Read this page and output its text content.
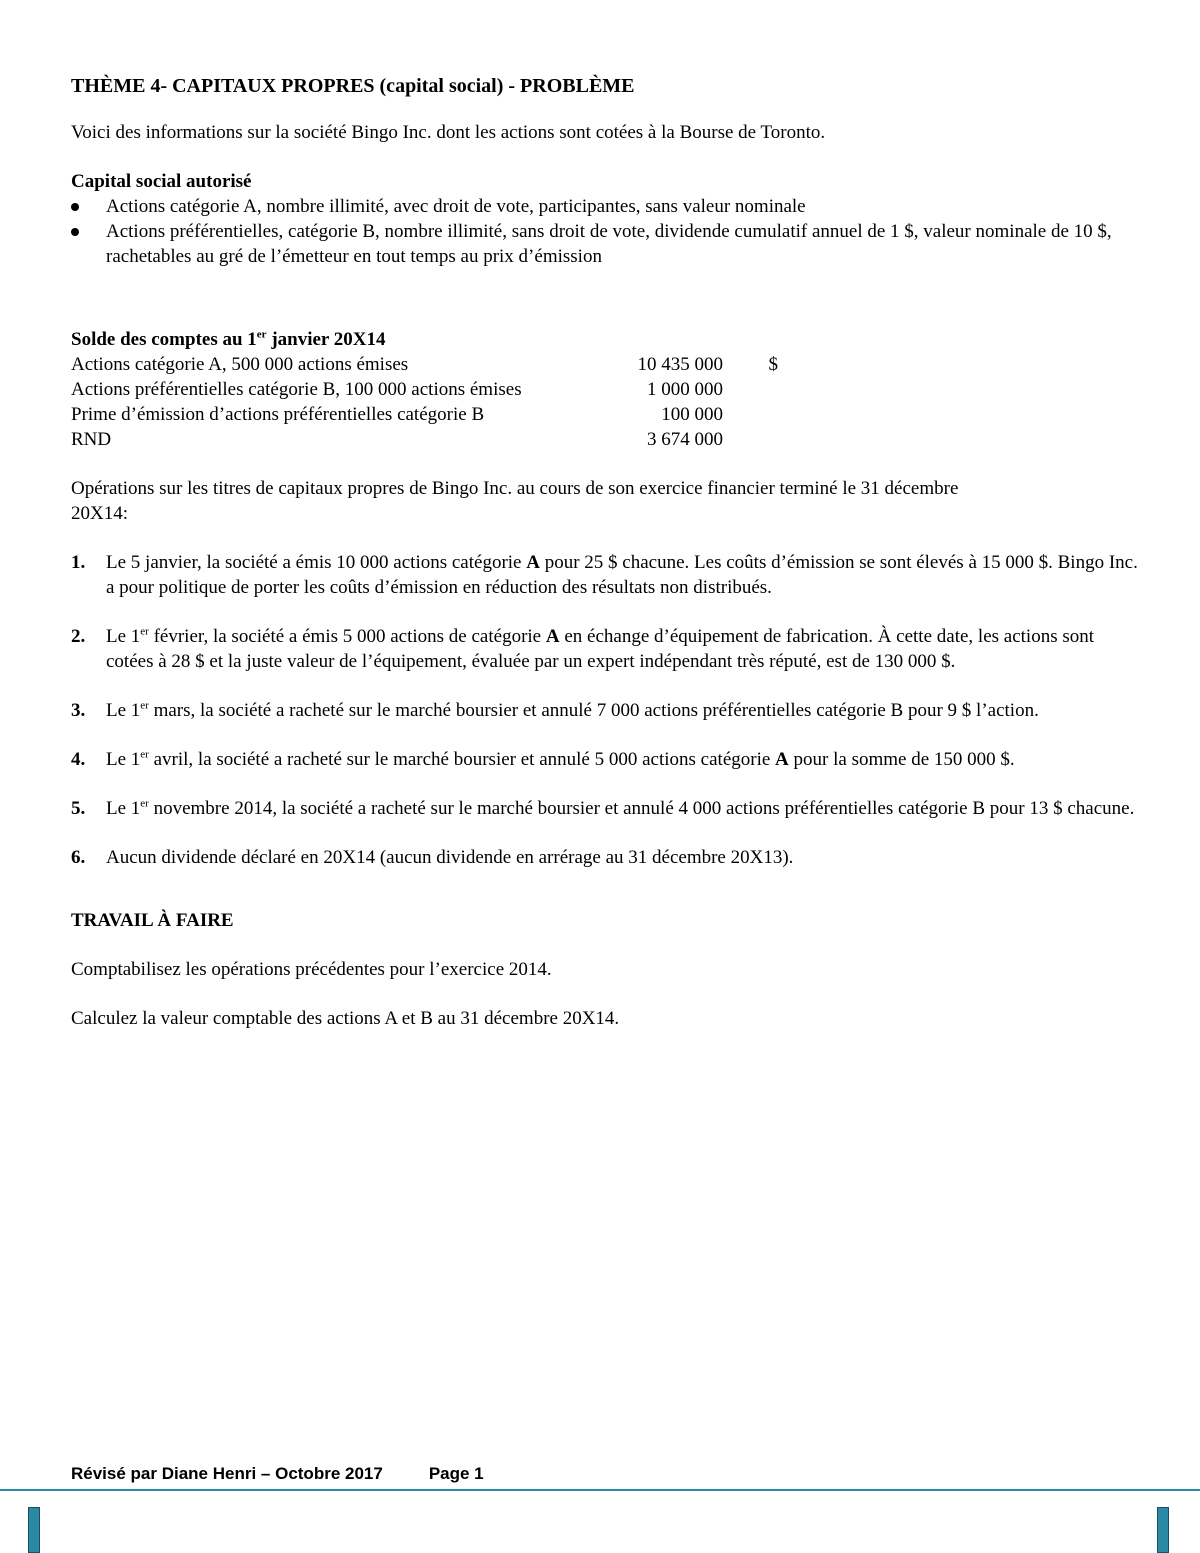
THÈME 4- CAPITAUX PROPRES (capital social) - PROBLÈME
Voici des informations sur la société Bingo Inc. dont les actions sont cotées à la Bourse de Toronto.
Capital social autorisé
Actions catégorie A, nombre illimité, avec droit de vote, participantes, sans valeur nominale
Actions préférentielles, catégorie B, nombre illimité, sans droit de vote, dividende cumulatif annuel de 1 $, valeur nominale de 10 $, rachetables au gré de l’émetteur en tout temps au prix d’émission
Solde des comptes au 1er janvier 20X14
Actions catégorie A, 500 000 actions émises	10 435 000	$
Actions préférentielles catégorie B, 100 000 actions émises	1 000 000	
Prime d’émission d’actions préférentielles catégorie B	100 000	
RND	3 674 000	
Opérations sur les titres de capitaux propres de Bingo Inc. au cours de son exercice financier terminé le 31 décembre 20X14:
1. Le 5 janvier, la société a émis 10 000 actions catégorie A pour 25 $ chacune. Les coûts d’émission se sont élevés à 15 000 $. Bingo Inc. a pour politique de porter les coûts d’émission en réduction des résultats non distribués.
2. Le 1er février, la société a émis 5 000 actions de catégorie A en échange d’équipement de fabrication. À cette date, les actions sont cotées à 28 $ et la juste valeur de l’équipement, évaluée par un expert indépendant très réputé, est de 130 000 $.
3. Le 1er mars, la société a racheté sur le marché boursier et annulé 7 000 actions préférentielles catégorie B pour 9 $ l’action.
4. Le 1er avril, la société a racheté sur le marché boursier et annulé 5 000 actions catégorie A pour la somme de 150 000 $.
5. Le 1er novembre 2014, la société a racheté sur le marché boursier et annulé 4 000 actions préférentielles catégorie B pour 13 $ chacune.
6. Aucun dividende déclaré en 20X14 (aucun dividende en arrérage au 31 décembre 20X13).
TRAVAIL À FAIRE
Comptabilisez les opérations précédentes pour l’exercice 2014.
Calculez la valeur comptable des actions A et B au 31 décembre 20X14.
Révisé par Diane Henri – Octobre 2017	Page 1
